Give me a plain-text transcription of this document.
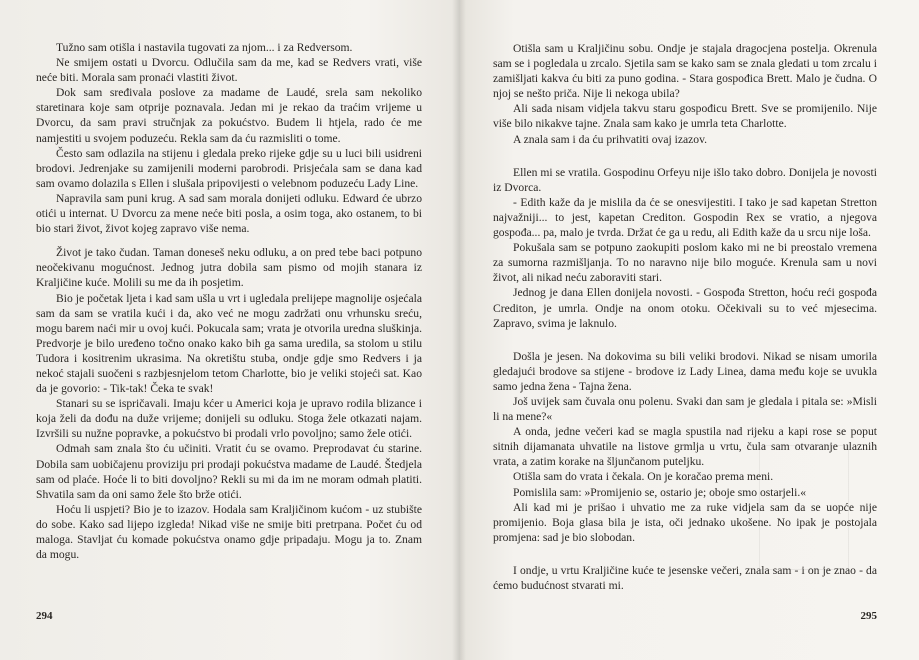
Tužno sam otišla i nastavila tugovati za njom... i za Redversom.

Ne smijem ostati u Dvorcu. Odlučila sam da me, kad se Redvers vrati, više neće biti. Morala sam pronaći vlastiti život.

Dok sam sređivala poslove za madame de Laudé, srela sam nekoliko staretinara koje sam otprije poznavala. Jedan mi je rekao da traćim vrijeme u Dvorcu, da sam pravi stručnjak za pokućstvo. Budem li htjela, rado će me namjestiti u svojem poduzeću. Rekla sam da ću razmisliti o tome.

Često sam odlazila na stijenu i gledala preko rijeke gdje su u luci bili usidreni brodovi. Jedrenjake su zamijenili moderni parobrodi. Prisjećala sam se dana kad sam ovamo dolazila s Ellen i slušala pripovijesti o velebnom poduzeću Lady Line.

Napravila sam puni krug. A sad sam morala donijeti odluku. Edward će ubrzo otići u internat. U Dvorcu za mene neće biti posla, a osim toga, ako ostanem, to bi bio stari život, život kojeg zapravo više nema.

Život je tako čudan. Taman doneseš neku odluku, a on pred tebe baci potpuno neočekivanu mogućnost. Jednog jutra dobila sam pismo od mojih stanara iz Kraljičine kuće. Molili su me da ih posjetim.

Bio je početak ljeta i kad sam ušla u vrt i ugledala prelijepe magnolije osjećala sam da sam se vratila kući i da, ako već ne mogu zadržati onu vrhunsku sreću, mogu barem naći mir u ovoj kući. Pokucala sam; vrata je otvorila uredna sluškinja. Predvorje je bilo uređeno točno onako kako bih ga sama uredila, sa stolom u stilu Tudora i kositrenim ukrasima. Na okretištu stuba, ondje gdje smo Redvers i ja nekoć stajali suočeni s razbjesnjelom tetom Charlotte, bio je veliki stojeći sat. Kao da je govorio: - Tik-tak! Čeka te svak!

Stanari su se ispričavali. Imaju kćer u Americi koja je upravo rodila blizance i koja želi da dođu na duže vrijeme; donijeli su odluku. Stoga žele otkazati najam. Izvršili su nužne popravke, a pokućstvo bi prodali vrlo povoljno; samo žele otići.

Odmah sam znala što ću učiniti. Vratit ću se ovamo. Preprodavat ću starine. Dobila sam uobičajenu proviziju pri prodaji pokućstva madame de Laudé. Štedjela sam od plaće. Hoće li to biti dovoljno? Rekli su mi da im ne moram odmah platiti. Shvatila sam da oni samo žele što brže otići.

Hoću li uspjeti? Bio je to izazov. Hodala sam Kraljičinom kućom - uz stubište do sobe. Kako sad lijepo izgleda! Nikad više ne smije biti pretrpana. Počet ću od maloga. Stavljat ću komade pokućstva onamo gdje pripadaju. Mogu ja to. Znam da mogu.

294

Otišla sam u Kraljičinu sobu. Ondje je stajala dragocjena postelja. Okrenula sam se i pogledala u zrcalo. Sjetila sam se kako sam se znala gledati u tom zrcalu i zamišljati kakva ću biti za puno godina. - Stara gospođica Brett. Malo je čudna. O njoj se nešto priča. Nije li nekoga ubila?

Ali sada nisam vidjela takvu staru gospođicu Brett. Sve se promijenilo. Nije više bilo nikakve tajne. Znala sam kako je umrla teta Charlotte.

A znala sam i da ću prihvatiti ovaj izazov.

Ellen mi se vratila. Gospodinu Orfeyu nije išlo tako dobro. Donijela je novosti iz Dvorca.

- Edith kaže da je mislila da će se onesvijestiti. I tako je sad kapetan Stretton najvažniji... to jest, kapetan Crediton. Gospodin Rex se vratio, a njegova gospođa... pa, malo je tvrda. Držat će ga u redu, ali Edith kaže da u srcu nije loša.

Pokušala sam se potpuno zaokupiti poslom kako mi ne bi preostalo vremena za sumorna razmišljanja. To no naravno nije bilo moguće. Krenula sam u novi život, ali nikad neću zaboraviti stari.

Jednog je dana Ellen donijela novosti. - Gospođa Stretton, hoću reći gospođa Crediton, je umrla. Ondje na onom otoku. Očekivali su to već mjesecima. Zapravo, svima je laknulo.

Došla je jesen. Na dokovima su bili veliki brodovi. Nikad se nisam umorila gledajući brodove sa stijene - brodove iz Lady Linea, dama među koje se uvukla samo jedna žena - Tajna žena.

Još uvijek sam čuvala onu polenu. Svaki dan sam je gledala i pitala se: »Misli li na mene?«

A onda, jedne večeri kad se magla spustila nad rijeku a kapi rose se poput sitnih dijamanata uhvatile na listove grmlja u vrtu, čula sam otvaranje ulaznih vrata, a zatim korake na šljunčanom puteljku.

Otišla sam do vrata i čekala. On je koračao prema meni.

Pomislila sam: »Promijenio se, ostario je; oboje smo ostarjeli.«

Ali kad mi je prišao i uhvatio me za ruke vidjela sam da se uopće nije promijenio. Boja glasa bila je ista, oči jednako ukošene. No ipak je postojala promjena: sad je bio slobodan.

I ondje, u vrtu Kraljičine kuće te jesenske večeri, znala sam - i on je znao - da ćemo budućnost stvarati mi.

295
